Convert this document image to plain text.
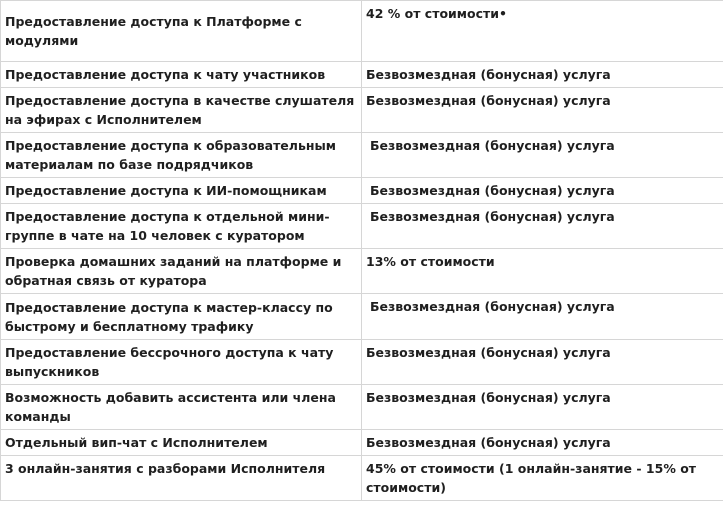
Предоставление доступа к Платформе с модулями	42 % от стоимости•
Предоставление доступа к чату участников	Безвозмездная (бонусная) услуга
Предоставление доступа в качестве слушателя на эфирах с Исполнителем	Безвозмездная (бонусная) услуга
Предоставление доступа к образовательным материалам по базе подрядчиков	Безвозмездная (бонусная) услуга
Предоставление доступа к ИИ-помощникам	Безвозмездная (бонусная) услуга
Предоставление доступа к отдельной мини-группе в чате на 10 человек с куратором	Безвозмездная (бонусная) услуга
Проверка домашних заданий на платформе и обратная связь от куратора	13% от стоимости
Предоставление доступа к мастер-классу по быстрому и бесплатному трафику	Безвозмездная (бонусная) услуга
Предоставление бессрочного доступа к чату выпускников	Безвозмездная (бонусная) услуга
Возможность добавить ассистента или члена команды	Безвозмездная (бонусная) услуга
Отдельный вип-чат с Исполнителем	Безвозмездная (бонусная) услуга
3 онлайн-занятия с разборами Исполнителя	45% от стоимости (1 онлайн-занятие - 15% от стоимости)
